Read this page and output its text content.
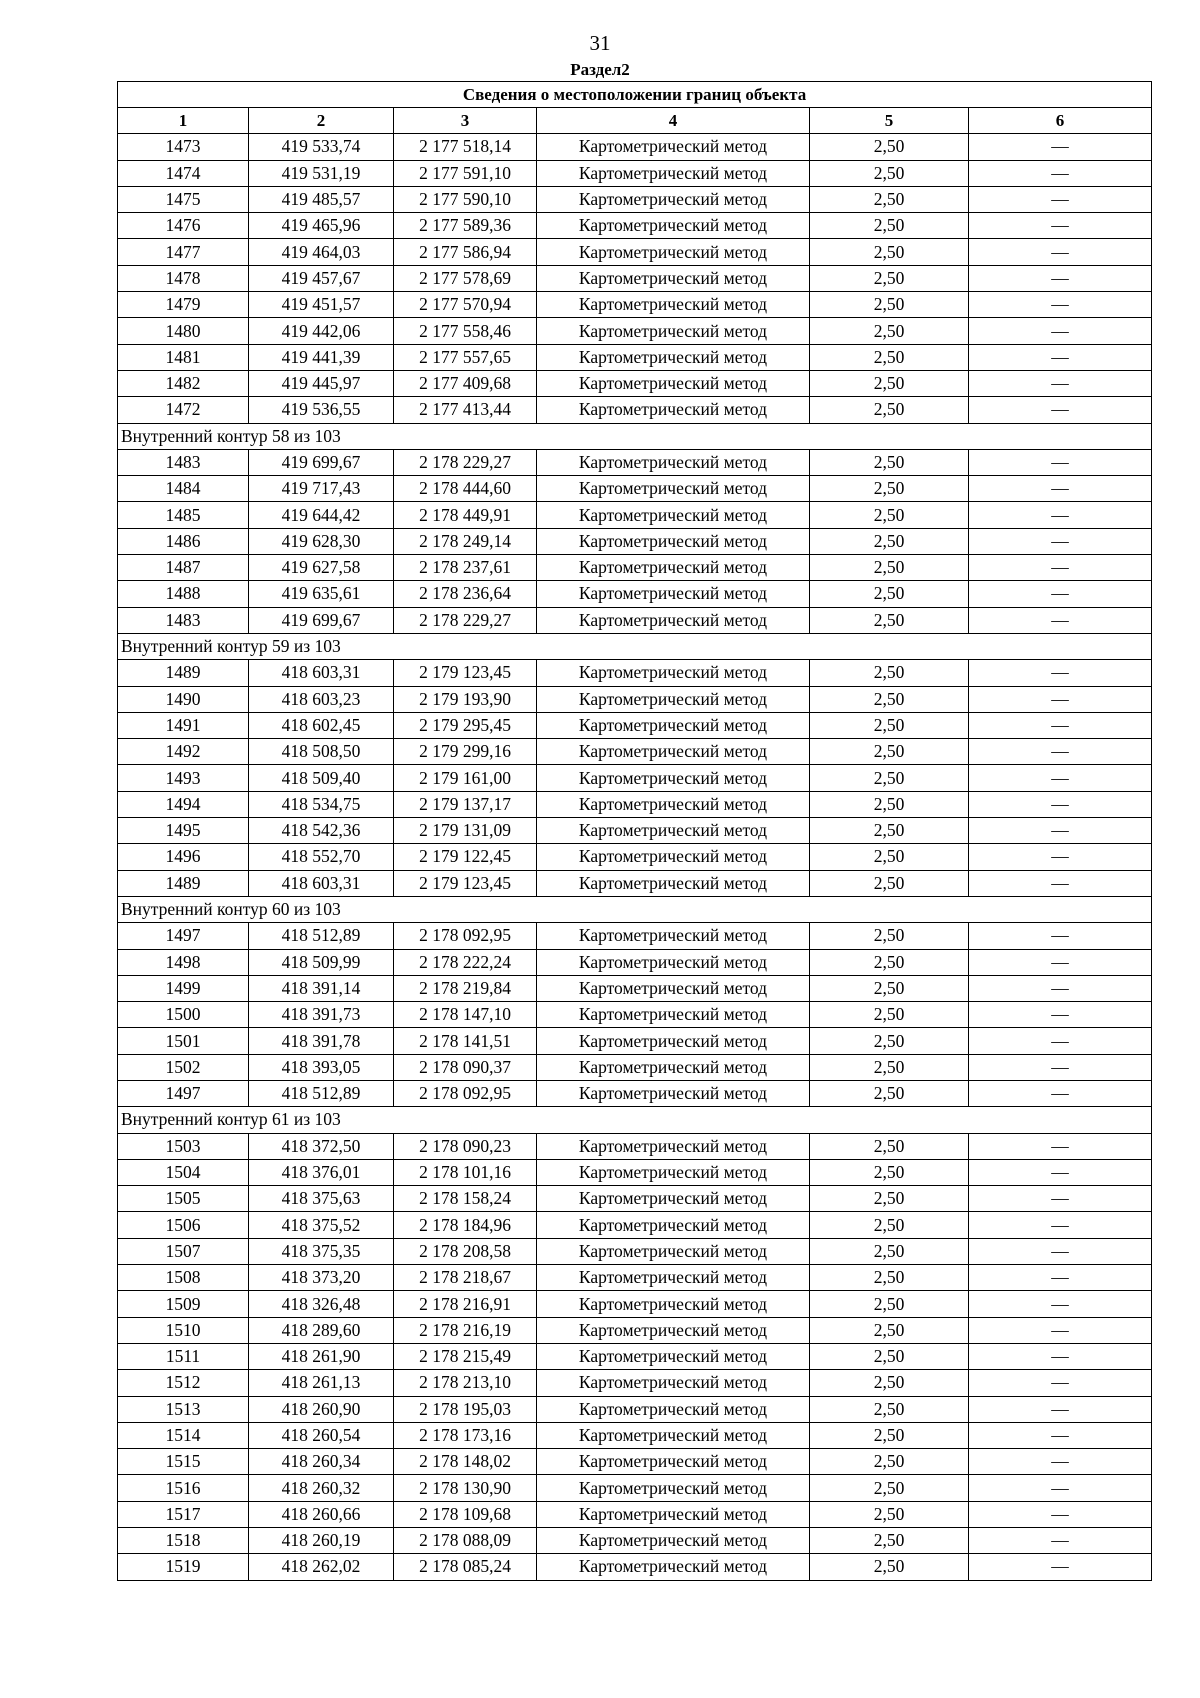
31
Раздел2
Сведения о местоположении границ объекта					
1	2	3	4	5	6
1473	419 533,74	2 177 518,14	Картометрический метод	2,50	—
1474	419 531,19	2 177 591,10	Картометрический метод	2,50	—
1475	419 485,57	2 177 590,10	Картометрический метод	2,50	—
1476	419 465,96	2 177 589,36	Картометрический метод	2,50	—
1477	419 464,03	2 177 586,94	Картометрический метод	2,50	—
1478	419 457,67	2 177 578,69	Картометрический метод	2,50	—
1479	419 451,57	2 177 570,94	Картометрический метод	2,50	—
1480	419 442,06	2 177 558,46	Картометрический метод	2,50	—
1481	419 441,39	2 177 557,65	Картометрический метод	2,50	—
1482	419 445,97	2 177 409,68	Картометрический метод	2,50	—
1472	419 536,55	2 177 413,44	Картометрический метод	2,50	—
Внутренний контур 58 из 103					
1483	419 699,67	2 178 229,27	Картометрический метод	2,50	—
1484	419 717,43	2 178 444,60	Картометрический метод	2,50	—
1485	419 644,42	2 178 449,91	Картометрический метод	2,50	—
1486	419 628,30	2 178 249,14	Картометрический метод	2,50	—
1487	419 627,58	2 178 237,61	Картометрический метод	2,50	—
1488	419 635,61	2 178 236,64	Картометрический метод	2,50	—
1483	419 699,67	2 178 229,27	Картометрический метод	2,50	—
Внутренний контур 59 из 103					
1489	418 603,31	2 179 123,45	Картометрический метод	2,50	—
1490	418 603,23	2 179 193,90	Картометрический метод	2,50	—
1491	418 602,45	2 179 295,45	Картометрический метод	2,50	—
1492	418 508,50	2 179 299,16	Картометрический метод	2,50	—
1493	418 509,40	2 179 161,00	Картометрический метод	2,50	—
1494	418 534,75	2 179 137,17	Картометрический метод	2,50	—
1495	418 542,36	2 179 131,09	Картометрический метод	2,50	—
1496	418 552,70	2 179 122,45	Картометрический метод	2,50	—
1489	418 603,31	2 179 123,45	Картометрический метод	2,50	—
Внутренний контур 60 из 103					
1497	418 512,89	2 178 092,95	Картометрический метод	2,50	—
1498	418 509,99	2 178 222,24	Картометрический метод	2,50	—
1499	418 391,14	2 178 219,84	Картометрический метод	2,50	—
1500	418 391,73	2 178 147,10	Картометрический метод	2,50	—
1501	418 391,78	2 178 141,51	Картометрический метод	2,50	—
1502	418 393,05	2 178 090,37	Картометрический метод	2,50	—
1497	418 512,89	2 178 092,95	Картометрический метод	2,50	—
Внутренний контур 61 из 103					
1503	418 372,50	2 178 090,23	Картометрический метод	2,50	—
1504	418 376,01	2 178 101,16	Картометрический метод	2,50	—
1505	418 375,63	2 178 158,24	Картометрический метод	2,50	—
1506	418 375,52	2 178 184,96	Картометрический метод	2,50	—
1507	418 375,35	2 178 208,58	Картометрический метод	2,50	—
1508	418 373,20	2 178 218,67	Картометрический метод	2,50	—
1509	418 326,48	2 178 216,91	Картометрический метод	2,50	—
1510	418 289,60	2 178 216,19	Картометрический метод	2,50	—
1511	418 261,90	2 178 215,49	Картометрический метод	2,50	—
1512	418 261,13	2 178 213,10	Картометрический метод	2,50	—
1513	418 260,90	2 178 195,03	Картометрический метод	2,50	—
1514	418 260,54	2 178 173,16	Картометрический метод	2,50	—
1515	418 260,34	2 178 148,02	Картометрический метод	2,50	—
1516	418 260,32	2 178 130,90	Картометрический метод	2,50	—
1517	418 260,66	2 178 109,68	Картометрический метод	2,50	—
1518	418 260,19	2 178 088,09	Картометрический метод	2,50	—
1519	418 262,02	2 178 085,24	Картометрический метод	2,50	—
